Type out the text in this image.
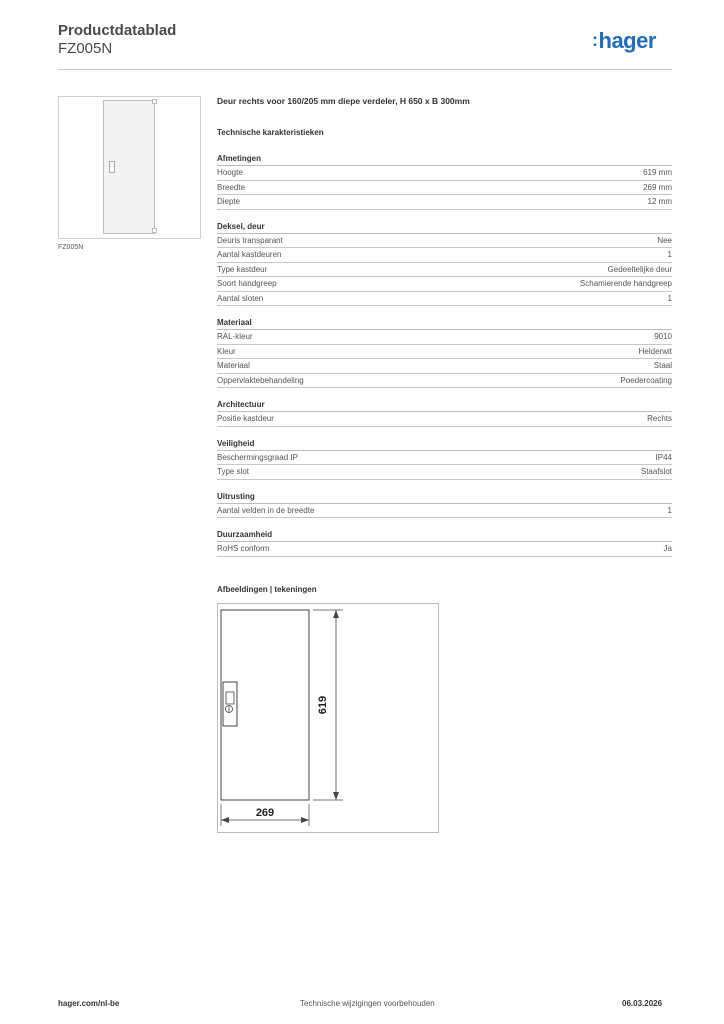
Productdatablad
FZ005N	:hager
FZ005N
Deur rechts voor 160/205 mm diepe verdeler, H 650 x B 300mm
Technische karakteristieken
Afmetingen
Hoogte	619 mm
Breedte	269 mm
Diepte	12 mm
Deksel, deur
Deuris transparant	Nee
Aantal kastdeuren	1
Type kastdeur	Gedeeltelijke deur
Soort handgreep	Schamierende handgreep
Aantal sloten	1
Materiaal
RAL-kleur	9010
Kleur	Helderwit
Materiaal	Staal
Oppervlaktebehandeling	Poedercoating
Architectuur
Positie kastdeur	Rechts
Veiligheid
Beschermingsgraad IP	IP44
Type slot	Staafslot
Uitrusting
Aantal velden in de breedte	1
Duurzaamheid
RoHS conform	Ja
Afbeeldingen | tekeningen
619
269
hager.com/nl-be	Technische wijzigingen voorbehouden	06.03.2026
